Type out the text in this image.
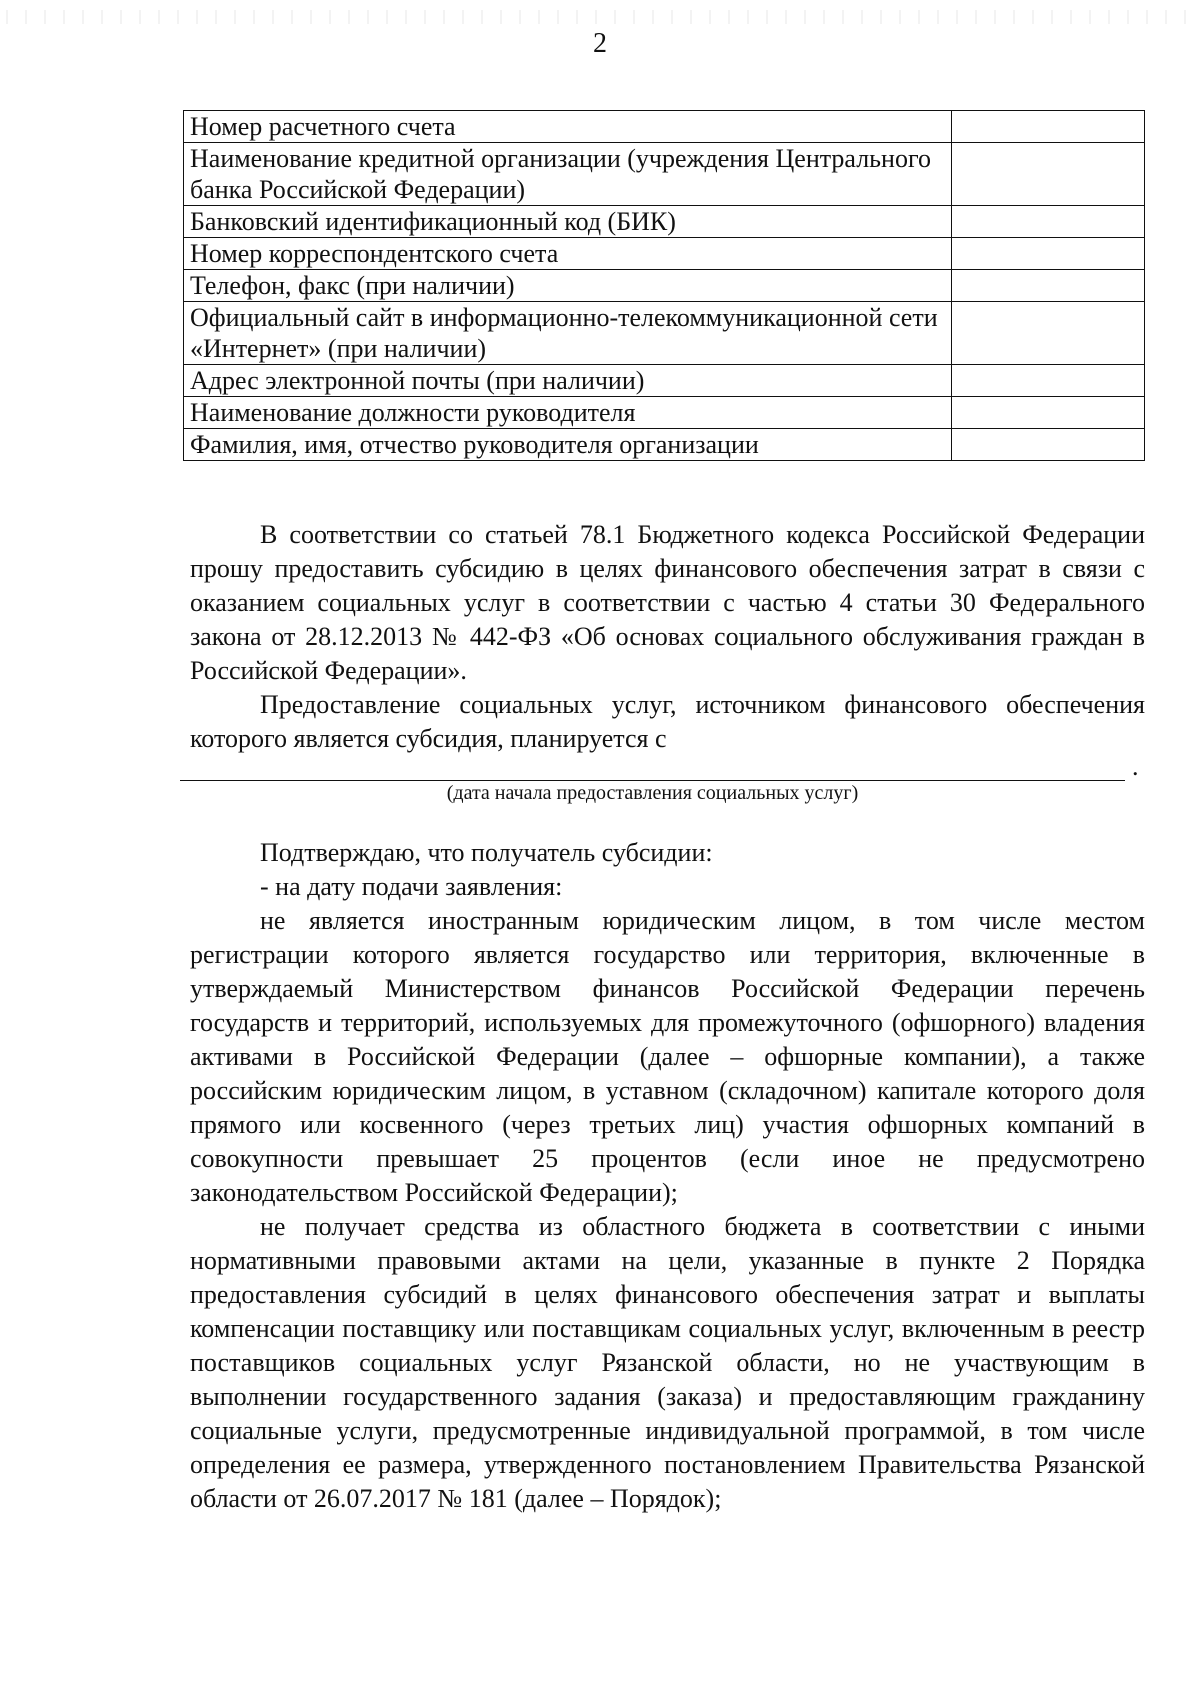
2
Номер расчетного счета	
Наименование кредитной организации (учреждения Центрального банка Российской Федерации)	
Банковский идентификационный код (БИК)	
Номер корреспондентского счета	
Телефон, факс (при наличии)	
Официальный сайт в информационно-телекоммуникационной сети «Интернет» (при наличии)	
Адрес электронной почты (при наличии)	
Наименование должности руководителя	
Фамилия, имя, отчество руководителя организации	

В соответствии со статьей 78.1 Бюджетного кодекса Российской Федерации прошу предоставить субсидию в целях финансового обеспечения затрат в связи с оказанием социальных услуг в соответствии с частью 4 статьи 30 Федерального закона от 28.12.2013 № 442-ФЗ «Об основах социального обслуживания граждан в Российской Федерации».

Предоставление социальных услуг, источником финансового обеспечения которого является субсидия, планируется с

.
(дата начала предоставления социальных услуг)

Подтверждаю, что получатель субсидии:

- на дату подачи заявления:

не является иностранным юридическим лицом, в том числе местом регистрации которого является государство или территория, включенные в утверждаемый Министерством финансов Российской Федерации перечень государств и территорий, используемых для промежуточного (офшорного) владения активами в Российской Федерации (далее – офшорные компании), а также российским юридическим лицом, в уставном (складочном) капитале которого доля прямого или косвенного (через третьих лиц) участия офшорных компаний в совокупности превышает 25 процентов (если иное не предусмотрено законодательством Российской Федерации);

не получает средства из областного бюджета в соответствии с иными нормативными правовыми актами на цели, указанные в пункте 2 Порядка предоставления субсидий в целях финансового обеспечения затрат и выплаты компенсации поставщику или поставщикам социальных услуг, включенным в реестр поставщиков социальных услуг Рязанской области, но не участвующим в выполнении государственного задания (заказа) и предоставляющим гражданину социальные услуги, предусмотренные индивидуальной программой, в том числе определения ее размера, утвержденного постановлением Правительства Рязанской области от 26.07.2017 № 181 (далее – Порядок);
